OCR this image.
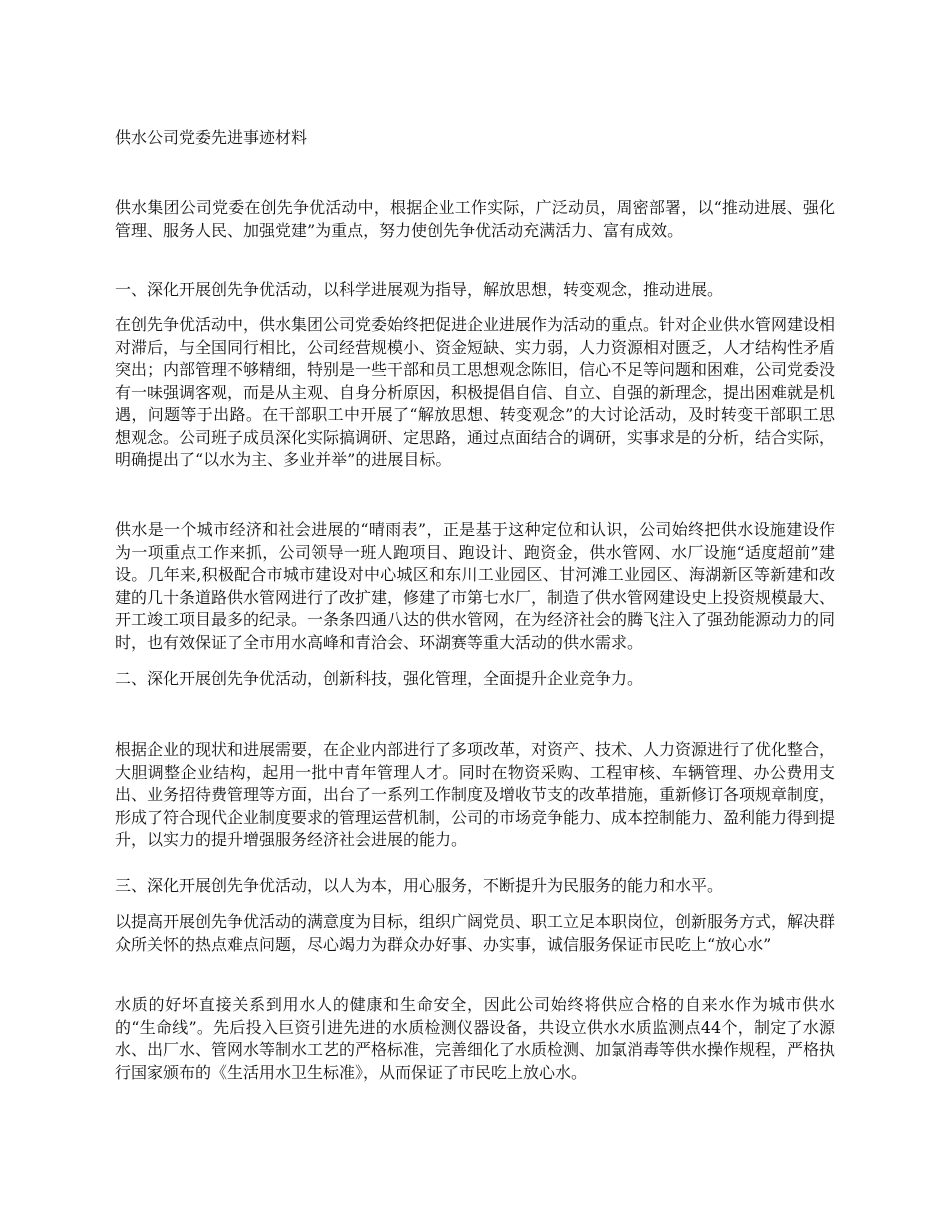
供水公司党委先进事迹材料

供水集团公司党委在创先争优活动中，根据企业工作实际，广泛动员，周密部署，以“推动进展、强化管理、服务人民、加强党建”为重点，努力使创先争优活动充满活力、富有成效。

一、深化开展创先争优活动，以科学进展观为指导，解放思想，转变观念，推动进展。

在创先争优活动中，供水集团公司党委始终把促进企业进展作为活动的重点。针对企业供水管网建设相对滞后，与全国同行相比，公司经营规模小、资金短缺、实力弱，人力资源相对匮乏，人才结构性矛盾突出；内部管理不够精细，特别是一些干部和员工思想观念陈旧，信心不足等问题和困难，公司党委没有一味强调客观，而是从主观、自身分析原因，积极提倡自信、自立、自强的新理念，提出困难就是机遇，问题等于出路。在干部职工中开展了“解放思想、转变观念”的大讨论活动，及时转变干部职工思想观念。公司班子成员深化实际搞调研、定思路，通过点面结合的调研，实事求是的分析，结合实际，明确提出了“以水为主、多业并举”的进展目标。

供水是一个城市经济和社会进展的“晴雨表”，正是基于这种定位和认识，公司始终把供水设施建设作为一项重点工作来抓，公司领导一班人跑项目、跑设计、跑资金，供水管网、水厂设施“适度超前”建设。几年来,积极配合市城市建设对中心城区和东川工业园区、甘河滩工业园区、海湖新区等新建和改建的几十条道路供水管网进行了改扩建，修建了市第七水厂，制造了供水管网建设史上投资规模最大、开工竣工项目最多的纪录。一条条四通八达的供水管网，在为经济社会的腾飞注入了强劲能源动力的同时，也有效保证了全市用水高峰和青洽会、环湖赛等重大活动的供水需求。

二、深化开展创先争优活动，创新科技，强化管理，全面提升企业竞争力。

根据企业的现状和进展需要，在企业内部进行了多项改革，对资产、技术、人力资源进行了优化整合，大胆调整企业结构，起用一批中青年管理人才。同时在物资采购、工程审核、车辆管理、办公费用支出、业务招待费管理等方面，出台了一系列工作制度及增收节支的改革措施，重新修订各项规章制度，形成了符合现代企业制度要求的管理运营机制，公司的市场竞争能力、成本控制能力、盈利能力得到提升，以实力的提升增强服务经济社会进展的能力。

三、深化开展创先争优活动，以人为本，用心服务，不断提升为民服务的能力和水平。

以提高开展创先争优活动的满意度为目标，组织广阔党员、职工立足本职岗位，创新服务方式，解决群众所关怀的热点难点问题，尽心竭力为群众办好事、办实事，诚信服务保证市民吃上“放心水”

水质的好坏直接关系到用水人的健康和生命安全，因此公司始终将供应合格的自来水作为城市供水的“生命线”。先后投入巨资引进先进的水质检测仪器设备，共设立供水水质监测点44个，制定了水源水、出厂水、管网水等制水工艺的严格标准，完善细化了水质检测、加氯消毒等供水操作规程，严格执行国家颁布的《生活用水卫生标准》，从而保证了市民吃上放心水。
